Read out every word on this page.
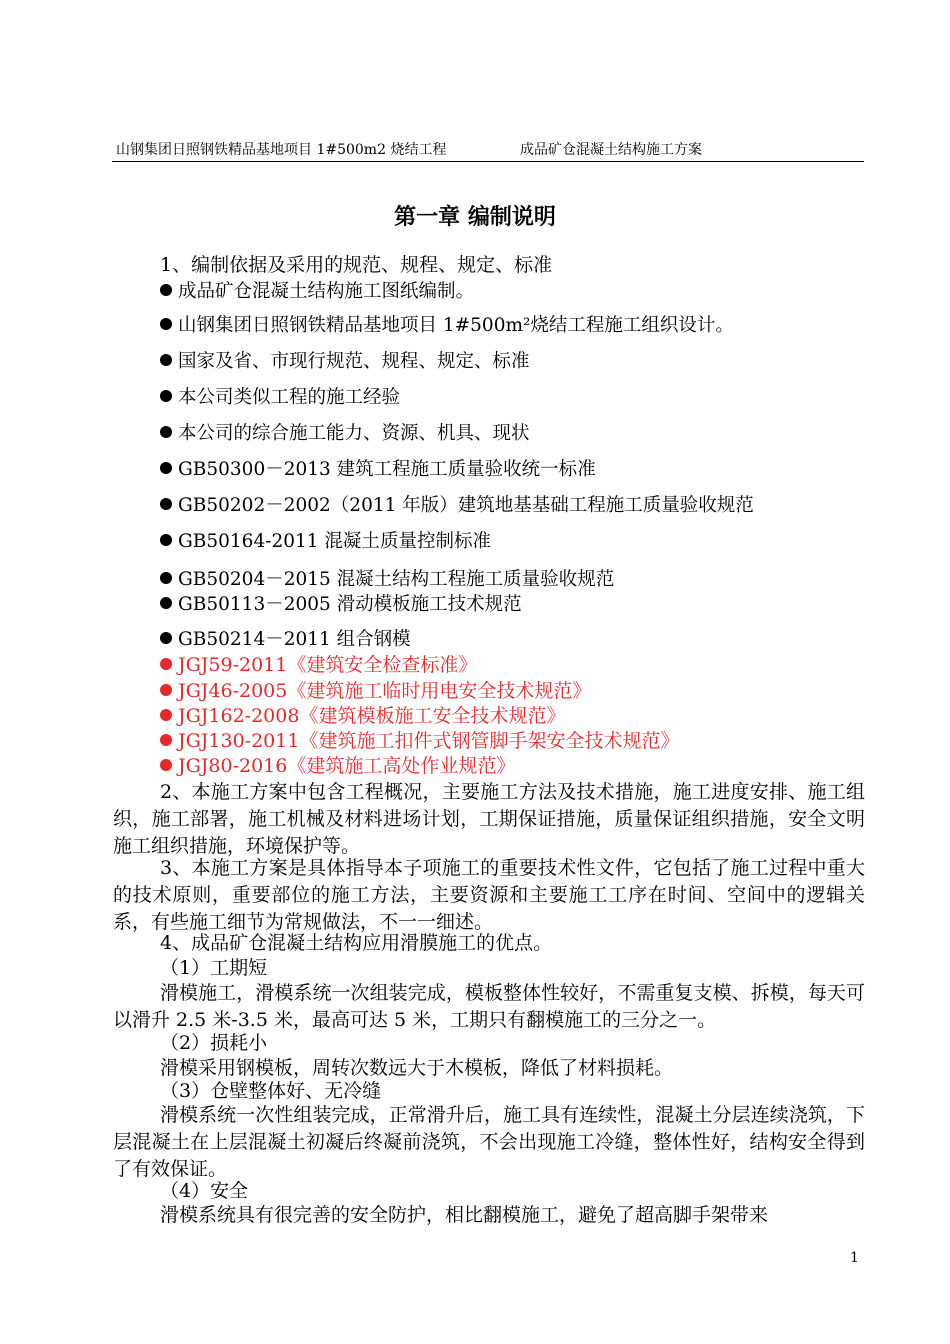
山钢集团日照钢铁精品基地项目 1#500m2 烧结工程	成品矿仓混凝土结构施工方案
第一章 编制说明
1、编制依据及采用的规范、规程、规定、标准
成品矿仓混凝土结构施工图纸编制。
山钢集团日照钢铁精品基地项目 1#500m²烧结工程施工组织设计。
国家及省、市现行规范、规程、规定、标准
本公司类似工程的施工经验
本公司的综合施工能力、资源、机具、现状
GB50300－2013 建筑工程施工质量验收统一标准
GB50202－2002（2011 年版）建筑地基基础工程施工质量验收规范
GB50164-2011 混凝土质量控制标准
GB50204－2015 混凝土结构工程施工质量验收规范
GB50113－2005 滑动模板施工技术规范
GB50214－2011 组合钢模
JGJ59-2011《建筑安全检查标准》
JGJ46-2005《建筑施工临时用电安全技术规范》
JGJ162-2008《建筑模板施工安全技术规范》
JGJ130-2011《建筑施工扣件式钢管脚手架安全技术规范》
JGJ80-2016《建筑施工高处作业规范》
2、本施工方案中包含工程概况，主要施工方法及技术措施，施工进度安排、施工组织，施工部署，施工机械及材料进场计划，工期保证措施，质量保证组织措施，安全文明施工组织措施，环境保护等。
3、本施工方案是具体指导本子项施工的重要技术性文件，它包括了施工过程中重大的技术原则，重要部位的施工方法，主要资源和主要施工工序在时间、空间中的逻辑关系，有些施工细节为常规做法，不一一细述。
4、成品矿仓混凝土结构应用滑膜施工的优点。
（1）工期短
滑模施工，滑模系统一次组装完成，模板整体性较好，不需重复支模、拆模，每天可以滑升 2.5 米-3.5 米，最高可达 5 米，工期只有翻模施工的三分之一。
（2）损耗小
滑模采用钢模板，周转次数远大于木模板，降低了材料损耗。
（3）仓壁整体好、无冷缝
滑模系统一次性组装完成，正常滑升后，施工具有连续性，混凝土分层连续浇筑，下层混凝土在上层混凝土初凝后终凝前浇筑，不会出现施工冷缝，整体性好，结构安全得到了有效保证。
（4）安全
滑模系统具有很完善的安全防护，相比翻模施工，避免了超高脚手架带来
1
